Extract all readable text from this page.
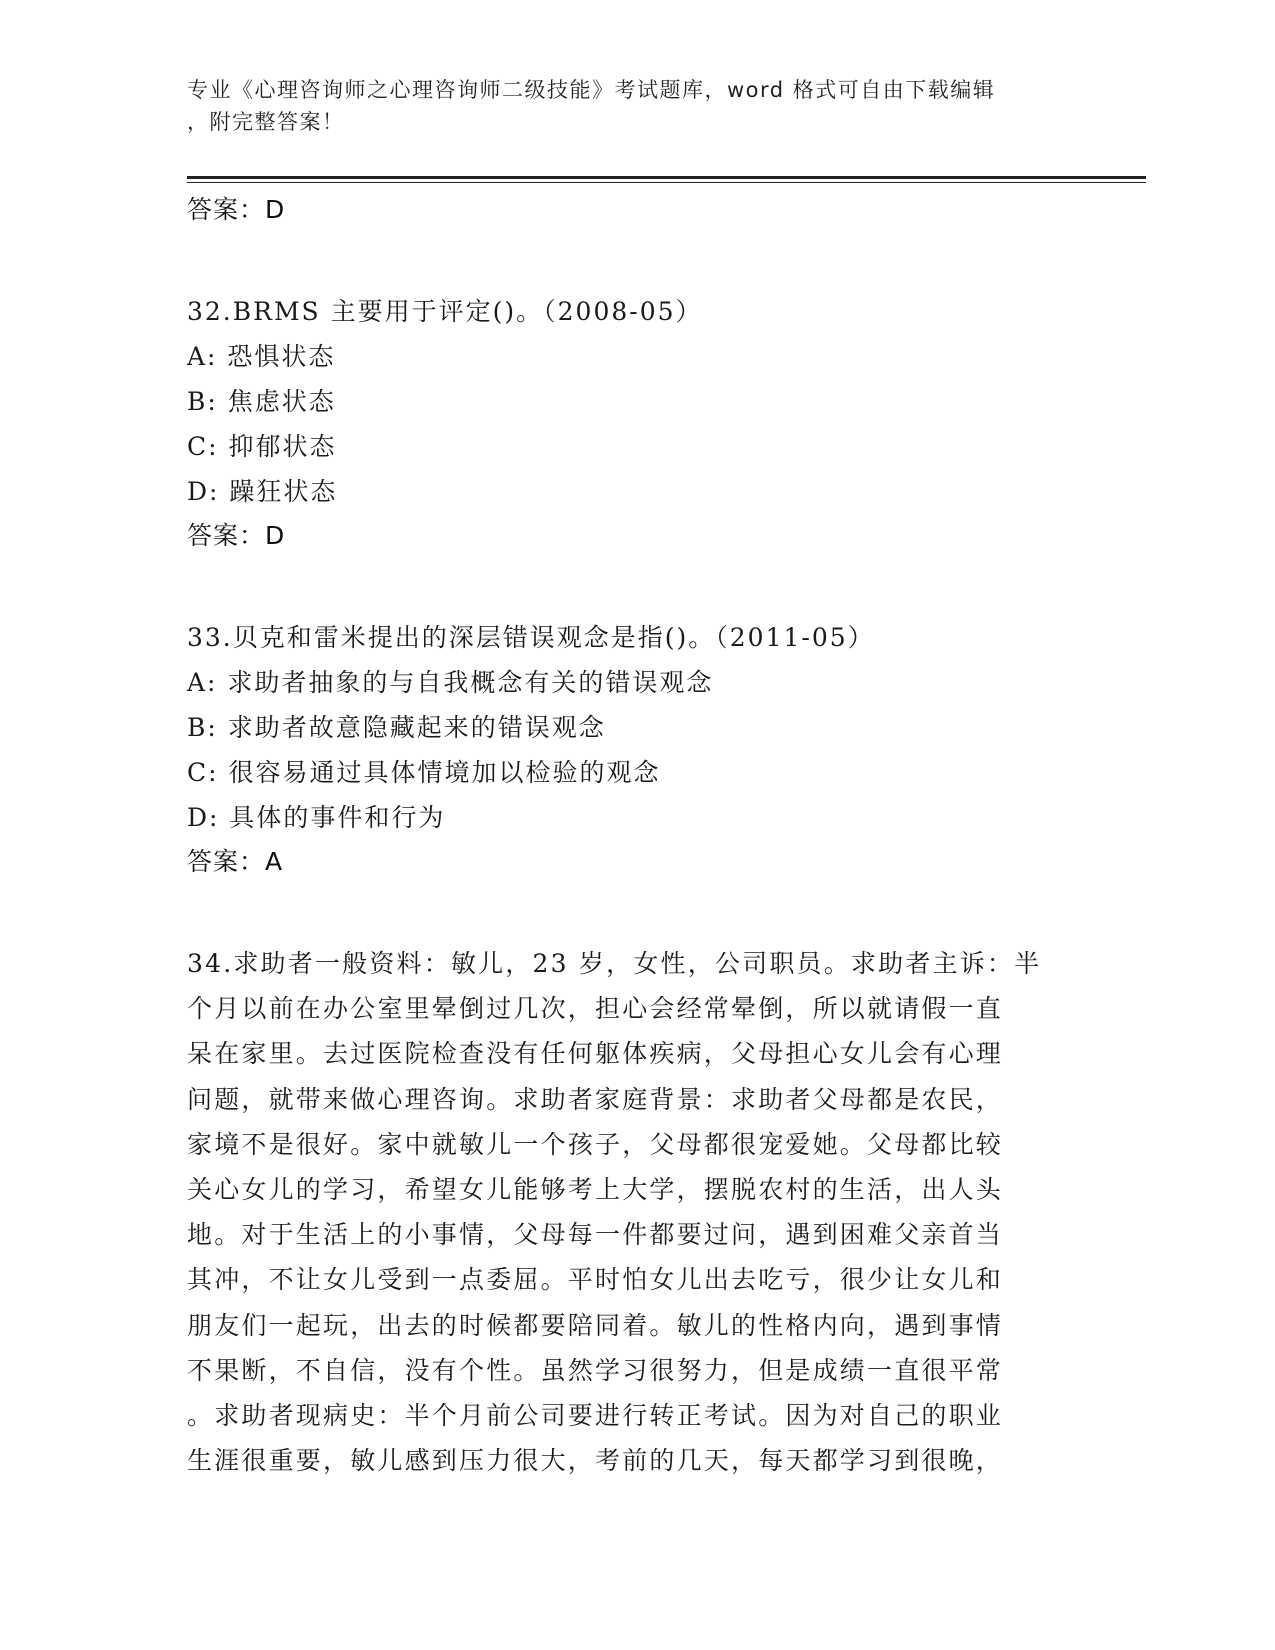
专业《心理咨询师之心理咨询师二级技能》考试题库，word 格式可自由下载编辑
，附完整答案！

答案：D

32.BRMS 主要用于评定()。（2008-05）

A: 恐惧状态

B: 焦虑状态

C: 抑郁状态

D: 躁狂状态

答案：D

33.贝克和雷米提出的深层错误观念是指()。（2011-05）

A: 求助者抽象的与自我概念有关的错误观念

B: 求助者故意隐藏起来的错误观念

C: 很容易通过具体情境加以检验的观念

D: 具体的事件和行为

答案：A

34.求助者一般资料：敏儿，23 岁，女性，公司职员。求助者主诉：半

个月以前在办公室里晕倒过几次，担心会经常晕倒，所以就请假一直

呆在家里。去过医院检查没有任何躯体疾病，父母担心女儿会有心理

问题，就带来做心理咨询。求助者家庭背景：求助者父母都是农民，

家境不是很好。家中就敏儿一个孩子，父母都很宠爱她。父母都比较

关心女儿的学习，希望女儿能够考上大学，摆脱农村的生活，出人头

地。对于生活上的小事情，父母每一件都要过问，遇到困难父亲首当

其冲，不让女儿受到一点委屈。平时怕女儿出去吃亏，很少让女儿和

朋友们一起玩，出去的时候都要陪同着。敏儿的性格内向，遇到事情

不果断，不自信，没有个性。虽然学习很努力，但是成绩一直很平常

。求助者现病史：半个月前公司要进行转正考试。因为对自己的职业

生涯很重要，敏儿感到压力很大，考前的几天，每天都学习到很晚，
